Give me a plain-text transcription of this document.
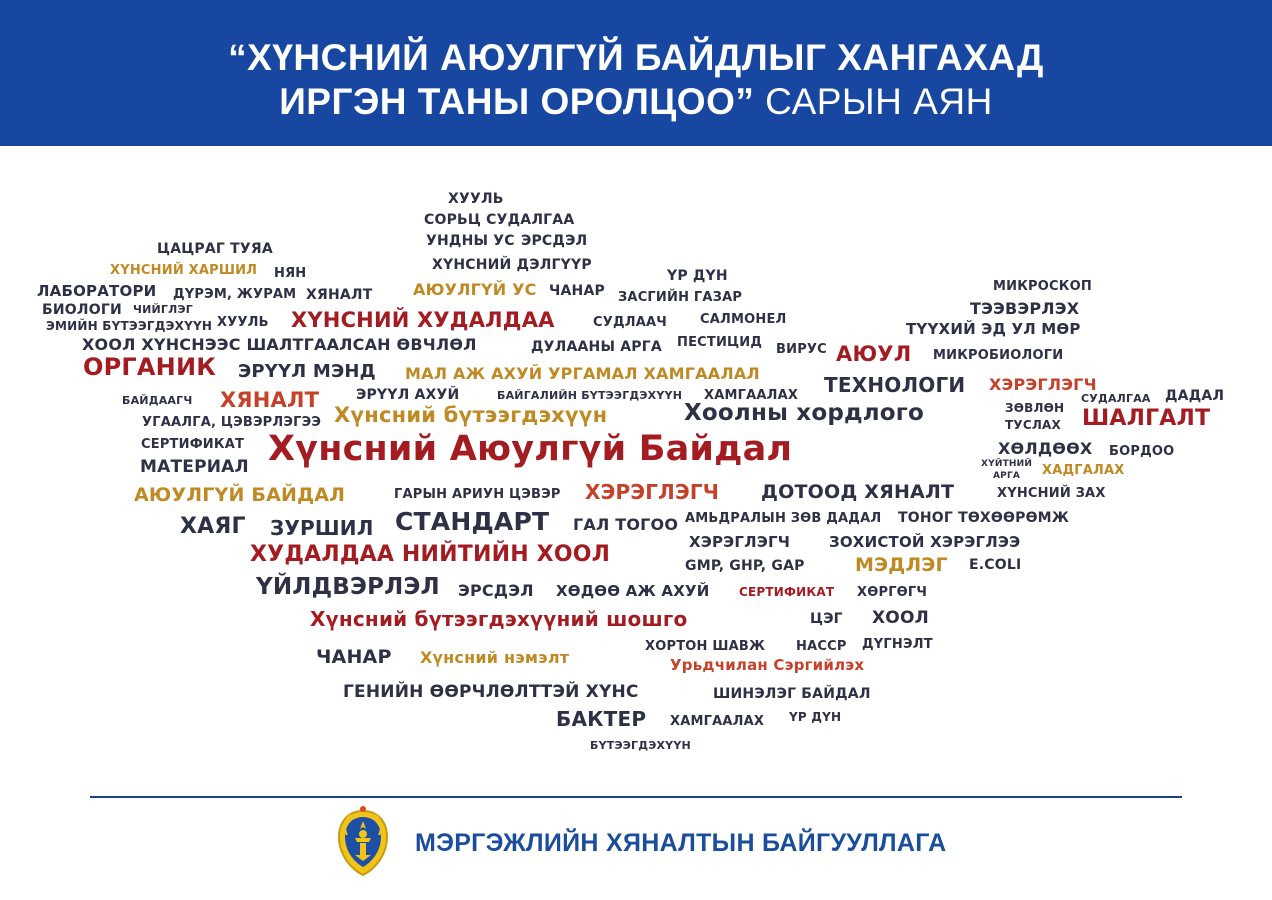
“ХҮНСНИЙ АЮУЛГҮЙ БАЙДЛЫГ ХАНГАХАД
ИРГЭН ТАНЫ ОРОЛЦОО” САРЫН АЯН
ХУУЛЬ
СОРЬЦ СУДАЛГАА
УНДНЫ УС ЭРСДЭЛ
ЦАЦРАГ ТУЯА
ХҮНСНИЙ ДЭЛГҮҮР
ХҮНСНИЙ ХАРШИЛ НЯН	ҮР ДҮН
ЛАБОРАТОРИ ДҮРЭМ, ЖУРАМ ХЯНАЛТ	АЮУЛГҮЙ УС ЧАНАР ЗАСГИЙН ГАЗАР
МИКРОСКОП
БИОЛОГИ ЧИЙГЛЭГ	ТЭЭВЭРЛЭХ
ЭМИЙН БҮТЭЭГДЭХҮҮН ХУУЛЬ ХҮНСНИЙ ХУДАЛДАА	СУДЛААЧ	САЛМОНЕЛ
ТҮҮХИЙ ЭД УЛ МӨР
ХООЛ ХҮНСНЭЭС ШАЛТГААЛСАН ӨВЧЛӨЛ	ДУЛААНЫ АРГА ПЕСТИЦИД ВИРУС АЮУЛ МИКРОБИОЛОГИ
ОРГАНИК ЭРҮҮЛ МЭНД МАЛ АЖ АХУЙ УРГАМАЛ ХАМГААЛАЛ	ТЕХНОЛОГИ ХЭРЭГЛЭГЧ
ХЯНАЛТ	ЭРҮҮЛ АХУЙ
БАЙДААГЧ	БАЙГАЛИЙН БҮТЭЭГДЭХҮҮН ХАМГААЛАХ	СУДАЛГАА ДАДАЛ
Хүнсний бүтээгдэхүүн	Хоолны хордлого	ЗӨВЛӨН
ТУСЛАХ
УГААЛГА, ЦЭВЭРЛЭГЭЭ	ШАЛГАЛТ
СЕРТИФИКАТ Хүнсний Аюулгүй Байдал	ХӨЛДӨӨХ БОРДОО
МАТЕРИАЛ	ХҮЙТНИЙ
АРГА ХАДГАЛАХ
АЮУЛГҮЙ БАЙДАЛ	ГАРЫН АРИУН ЦЭВЭР ХЭРЭГЛЭГЧ ДОТООД ХЯНАЛТ	ХҮНСНИЙ ЗАХ
ХАЯГ ЗУРШИЛ СТАНДАРТ ГАЛ ТОГОО АМЬДРАЛЫН ЗӨВ ДАДАЛ ТОНОГ ТӨХӨӨРӨМЖ
ХУДАЛДАА НИЙТИЙН ХООЛ	ХЭРЭГЛЭГЧ	ЗОХИСТОЙ ХЭРЭГЛЭЭ
GMP, GHP, GAP	МЭДЛЭГ E.COLI
ҮЙЛДВЭРЛЭЛ ЭРСДЭЛ ХӨДӨӨ АЖ АХУЙ СЕРТИФИКАТ ХӨРГӨГЧ
Хүнсний бүтээгдэхүүний шошго	ЦЭГ ХООЛ
ХОРТОН ШАВЖ HACCP ДҮГНЭЛТ
ЧАНАР Хүнсний нэмэлт	Урьдчилан Сэргийлэх
ГЕНИЙН ӨӨРЧЛӨЛТТЭЙ ХҮНС	ШИНЭЛЭГ БАЙДАЛ
БАКТЕР ХАМГААЛАХ ҮР ДҮН
БҮТЭЭГДЭХҮҮН
МЭРГЭЖЛИЙН ХЯНАЛТЫН БАЙГУУЛЛАГА
